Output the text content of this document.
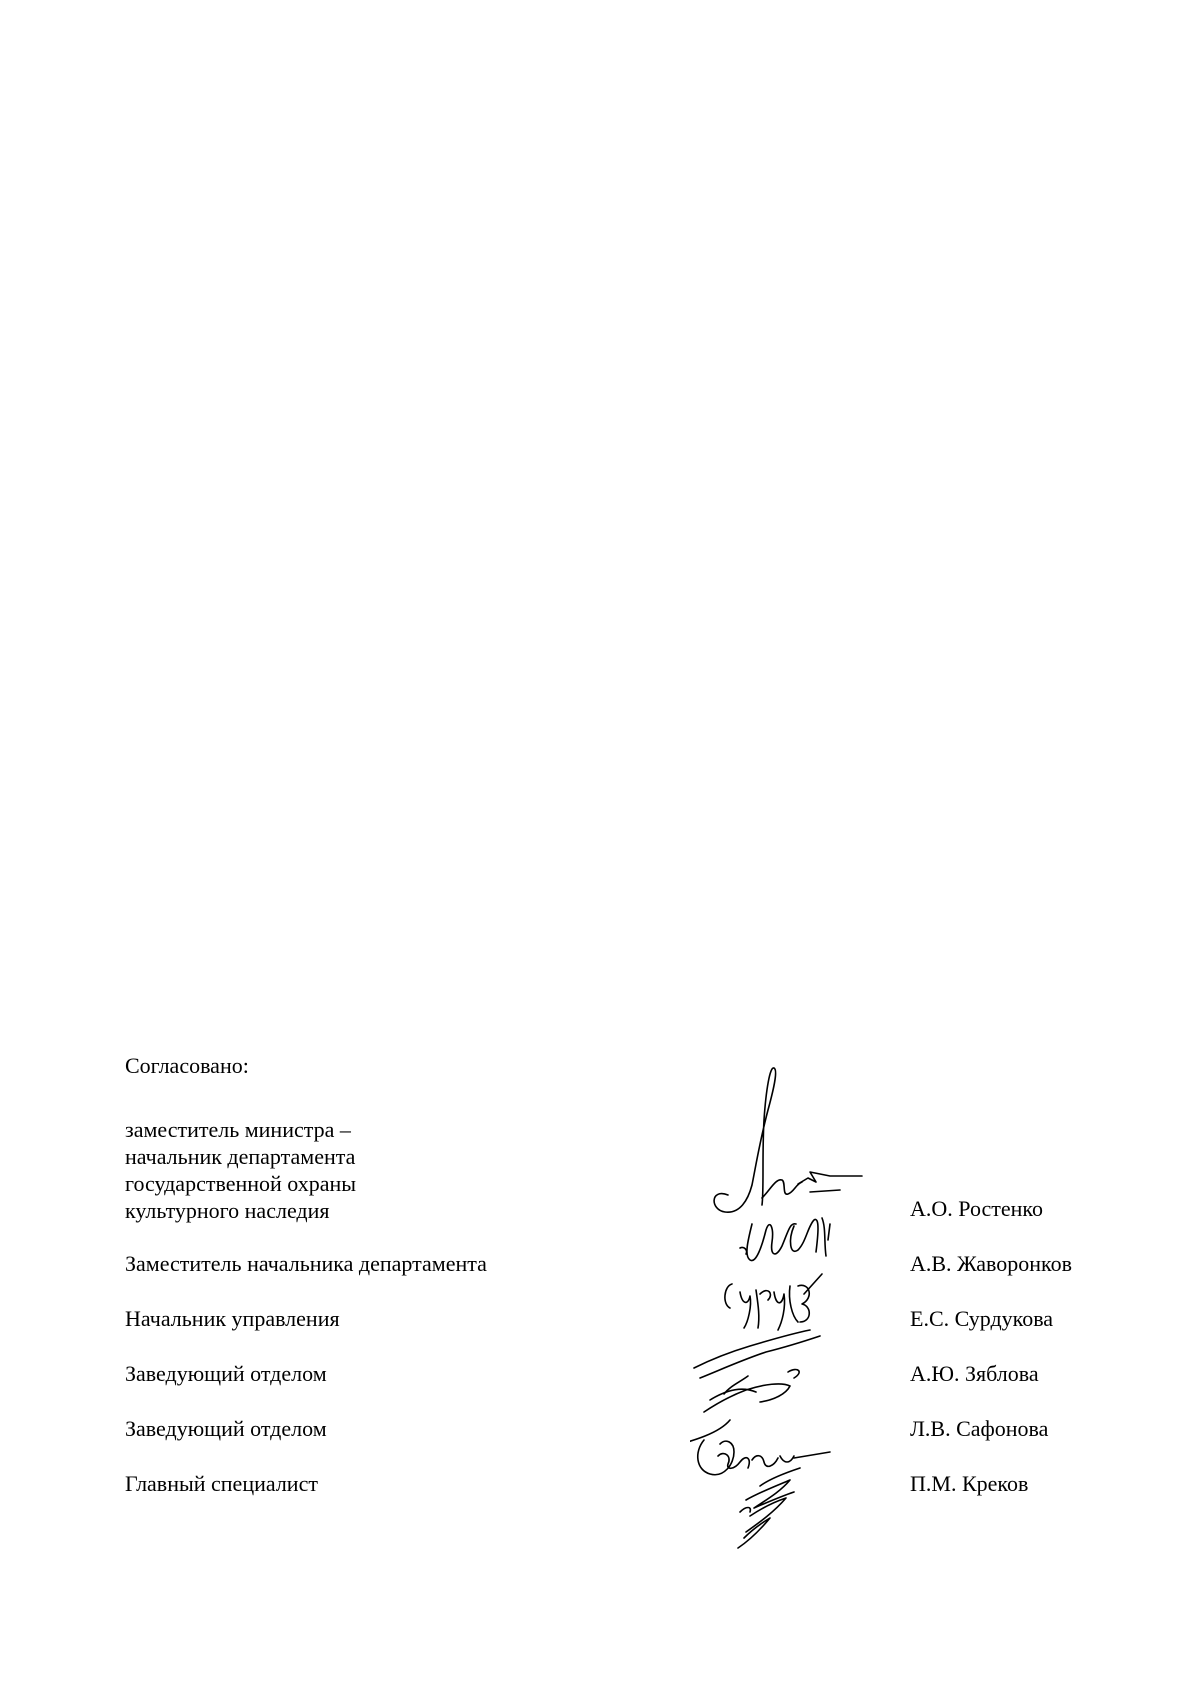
Согласовано:
заместитель министра –
начальник департамента
государственной охраны
культурного наследия	А.О. Ростенко
Заместитель начальника департамента	А.В. Жаворонков
Начальник управления	Е.С. Сурдукова
Заведующий отделом	А.Ю. Зяблова
Заведующий отделом	Л.В. Сафонова
Главный специалист	П.М. Креков
